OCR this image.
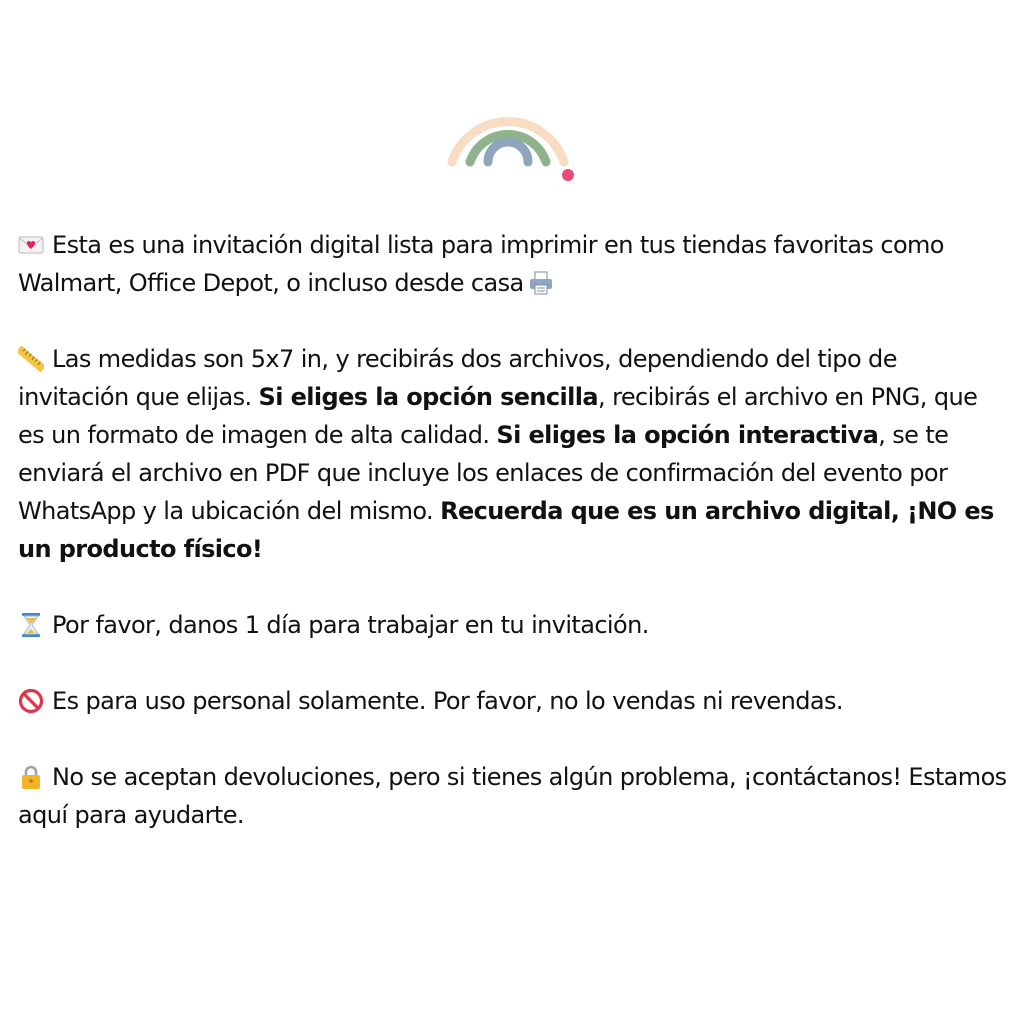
Esta es una invitación digital lista para imprimir en tus tiendas favoritas como Walmart, Office Depot, o incluso desde casa

Las medidas son 5x7 in, y recibirás dos archivos, dependiendo del tipo de invitación que elijas. Si eliges la opción sencilla, recibirás el archivo en PNG, que es un formato de imagen de alta calidad. Si eliges la opción interactiva, se te enviará el archivo en PDF que incluye los enlaces de confirmación del evento por WhatsApp y la ubicación del mismo. Recuerda que es un archivo digital, ¡NO es un producto físico!

Por favor, danos 1 día para trabajar en tu invitación.

Es para uso personal solamente. Por favor, no lo vendas ni revendas.

No se aceptan devoluciones, pero si tienes algún problema, ¡contáctanos! Estamos aquí para ayudarte.
